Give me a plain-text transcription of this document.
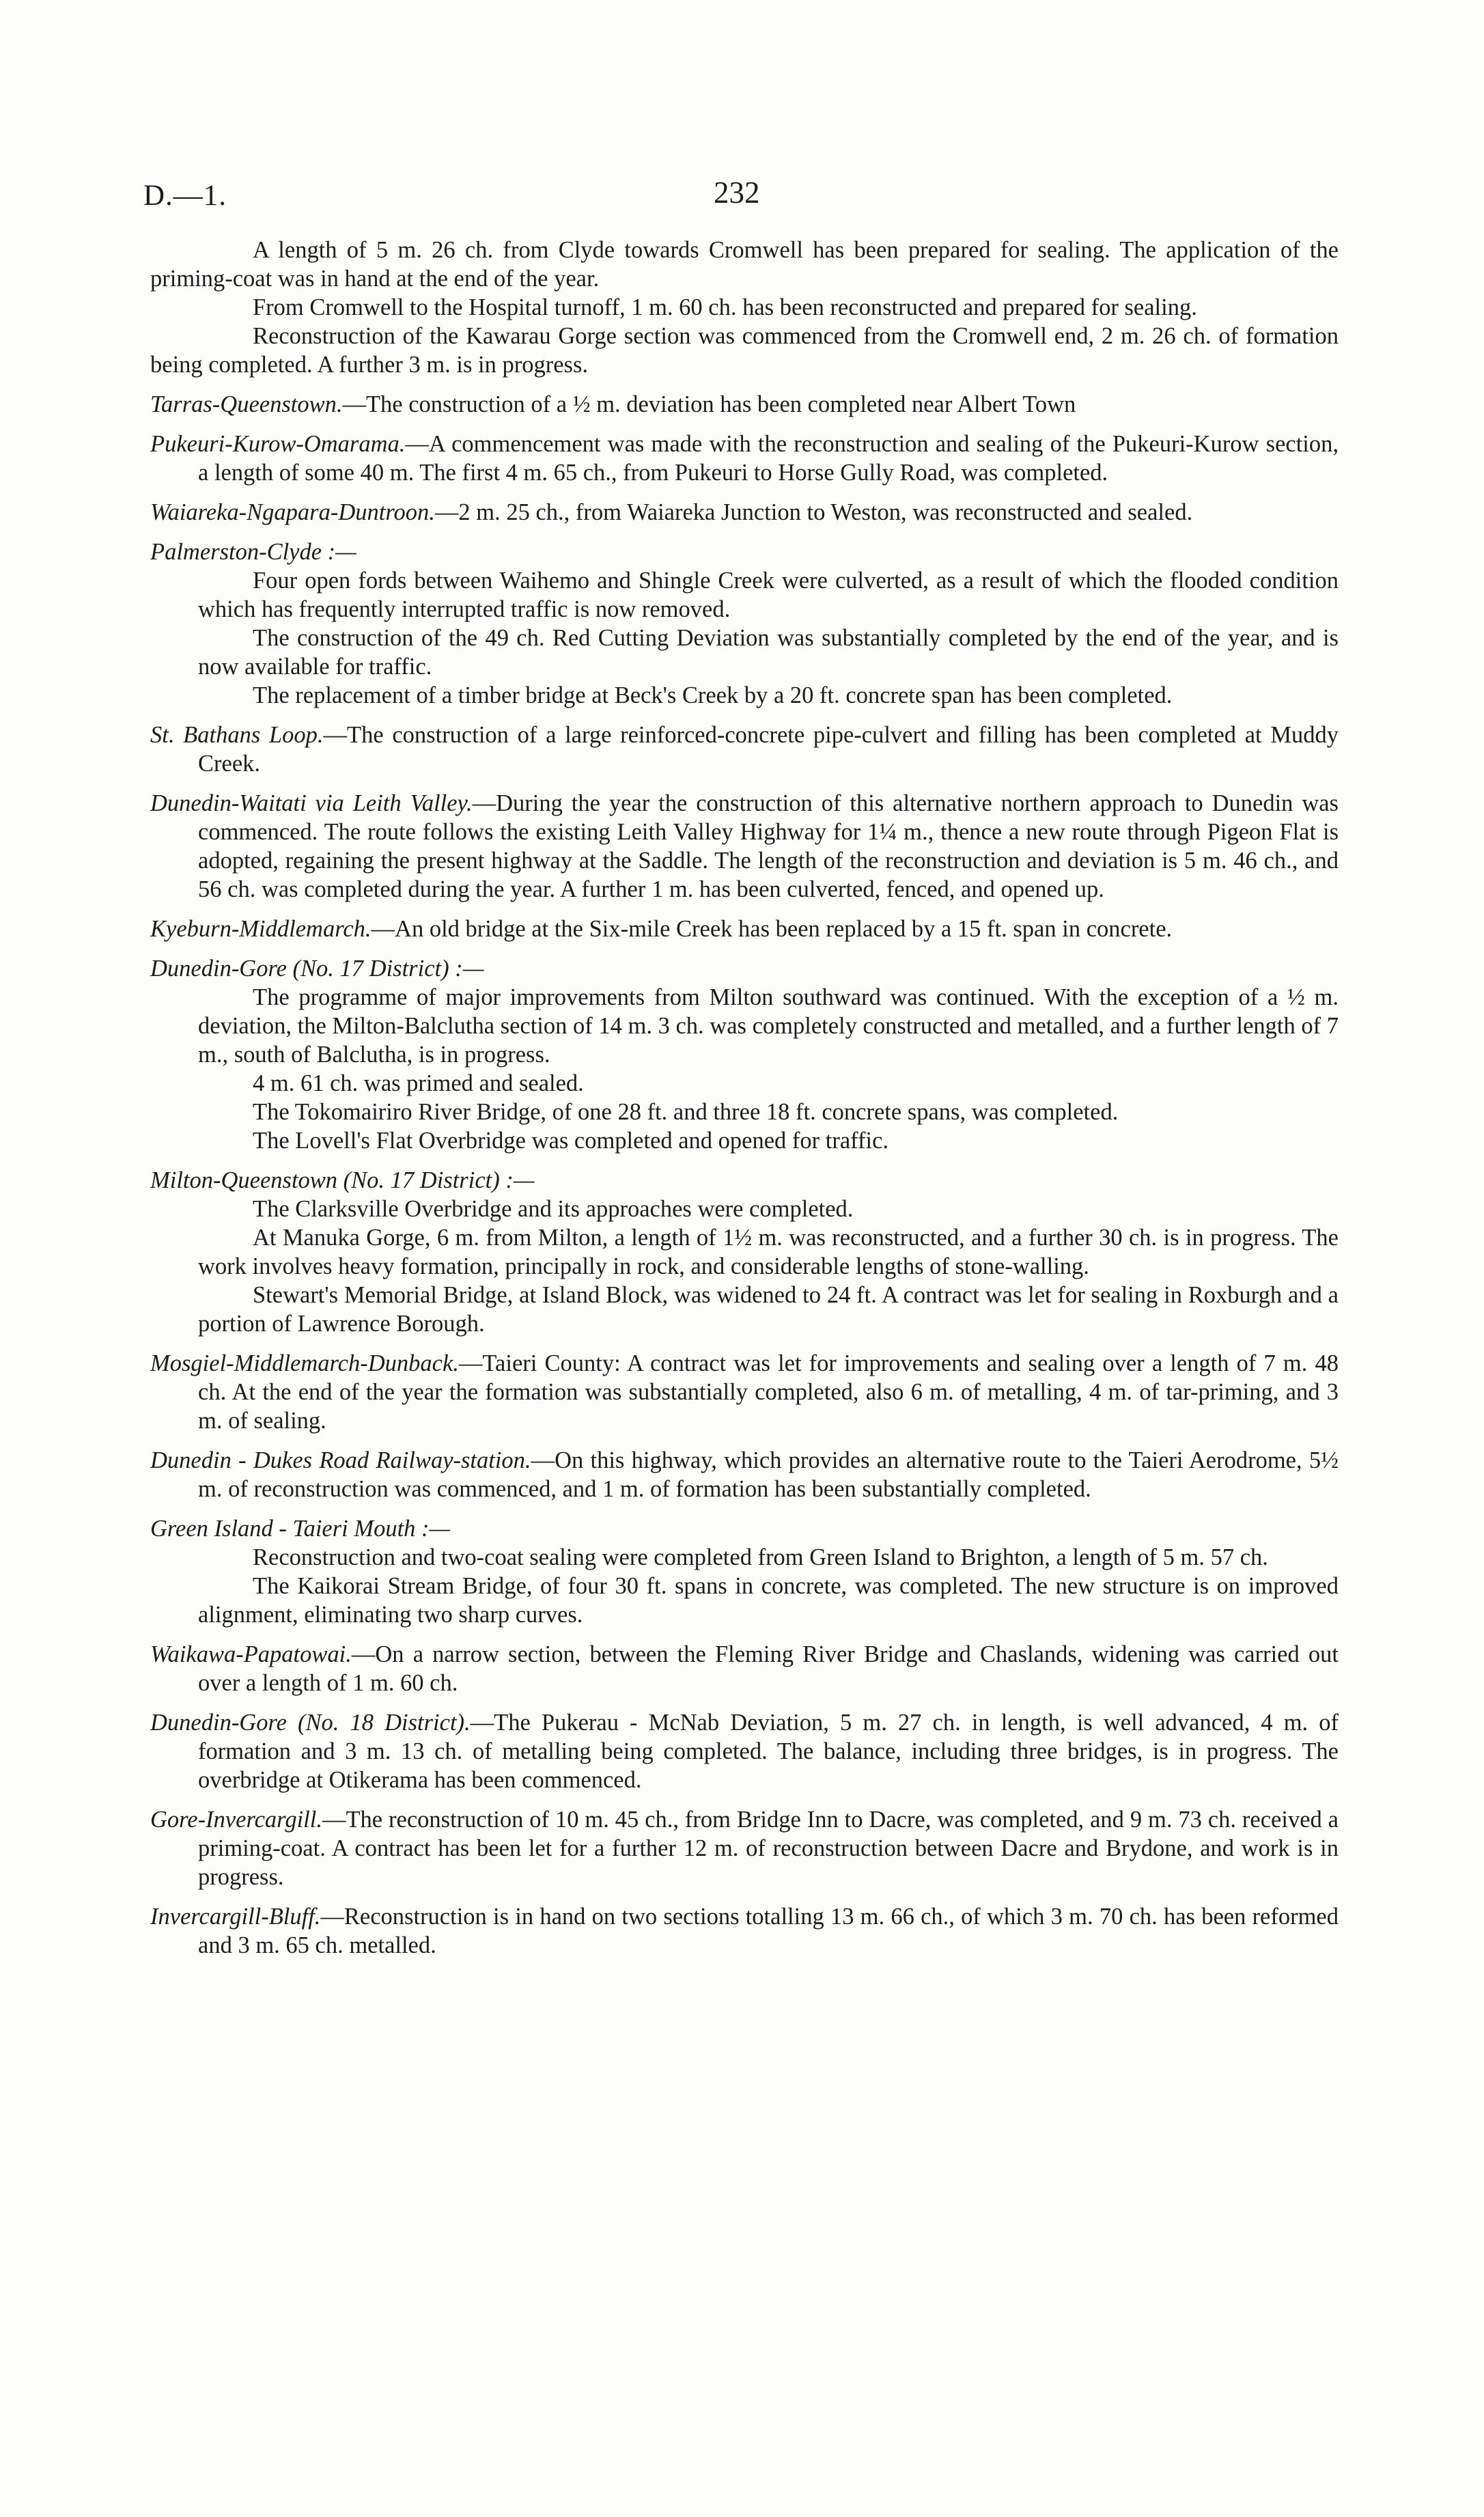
D.—1.	232
A length of 5 m. 26 ch. from Clyde towards Cromwell has been prepared for sealing. The application of the priming-coat was in hand at the end of the year.
From Cromwell to the Hospital turnoff, 1 m. 60 ch. has been reconstructed and prepared for sealing.
Reconstruction of the Kawarau Gorge section was commenced from the Cromwell end, 2 m. 26 ch. of formation being completed. A further 3 m. is in progress.
Tarras-Queenstown.—The construction of a ½ m. deviation has been completed near Albert Town
Pukeuri-Kurow-Omarama.—A commencement was made with the reconstruction and sealing of the Pukeuri-Kurow section, a length of some 40 m. The first 4 m. 65 ch., from Pukeuri to Horse Gully Road, was completed.
Waiareka-Ngapara-Duntroon.—2 m. 25 ch., from Waiareka Junction to Weston, was reconstructed and sealed.
Palmerston-Clyde :—
Four open fords between Waihemo and Shingle Creek were culverted, as a result of which the flooded condition which has frequently interrupted traffic is now removed.
The construction of the 49 ch. Red Cutting Deviation was substantially completed by the end of the year, and is now available for traffic.
The replacement of a timber bridge at Beck's Creek by a 20 ft. concrete span has been completed.
St. Bathans Loop.—The construction of a large reinforced-concrete pipe-culvert and filling has been completed at Muddy Creek.
Dunedin-Waitati via Leith Valley.—During the year the construction of this alternative northern approach to Dunedin was commenced. The route follows the existing Leith Valley Highway for 1¼ m., thence a new route through Pigeon Flat is adopted, regaining the present highway at the Saddle. The length of the reconstruction and deviation is 5 m. 46 ch., and 56 ch. was completed during the year. A further 1 m. has been culverted, fenced, and opened up.
Kyeburn-Middlemarch.—An old bridge at the Six-mile Creek has been replaced by a 15 ft. span in concrete.
Dunedin-Gore (No. 17 District) :—
The programme of major improvements from Milton southward was continued. With the exception of a ½ m. deviation, the Milton-Balclutha section of 14 m. 3 ch. was completely constructed and metalled, and a further length of 7 m., south of Balclutha, is in progress.
4 m. 61 ch. was primed and sealed.
The Tokomairiro River Bridge, of one 28 ft. and three 18 ft. concrete spans, was completed.
The Lovell's Flat Overbridge was completed and opened for traffic.
Milton-Queenstown (No. 17 District) :—
The Clarksville Overbridge and its approaches were completed.
At Manuka Gorge, 6 m. from Milton, a length of 1½ m. was reconstructed, and a further 30 ch. is in progress. The work involves heavy formation, principally in rock, and considerable lengths of stone-walling.
Stewart's Memorial Bridge, at Island Block, was widened to 24 ft. A contract was let for sealing in Roxburgh and a portion of Lawrence Borough.
Mosgiel-Middlemarch-Dunback.—Taieri County: A contract was let for improvements and sealing over a length of 7 m. 48 ch. At the end of the year the formation was substantially completed, also 6 m. of metalling, 4 m. of tar-priming, and 3 m. of sealing.
Dunedin - Dukes Road Railway-station.—On this highway, which provides an alternative route to the Taieri Aerodrome, 5½ m. of reconstruction was commenced, and 1 m. of formation has been substantially completed.
Green Island - Taieri Mouth :—
Reconstruction and two-coat sealing were completed from Green Island to Brighton, a length of 5 m. 57 ch.
The Kaikorai Stream Bridge, of four 30 ft. spans in concrete, was completed. The new structure is on improved alignment, eliminating two sharp curves.
Waikawa-Papatowai.—On a narrow section, between the Fleming River Bridge and Chaslands, widening was carried out over a length of 1 m. 60 ch.
Dunedin-Gore (No. 18 District).—The Pukerau - McNab Deviation, 5 m. 27 ch. in length, is well advanced, 4 m. of formation and 3 m. 13 ch. of metalling being completed. The balance, including three bridges, is in progress. The overbridge at Otikerama has been commenced.
Gore-Invercargill.—The reconstruction of 10 m. 45 ch., from Bridge Inn to Dacre, was completed, and 9 m. 73 ch. received a priming-coat. A contract has been let for a further 12 m. of reconstruction between Dacre and Brydone, and work is in progress.
Invercargill-Bluff.—Reconstruction is in hand on two sections totalling 13 m. 66 ch., of which 3 m. 70 ch. has been reformed and 3 m. 65 ch. metalled.
